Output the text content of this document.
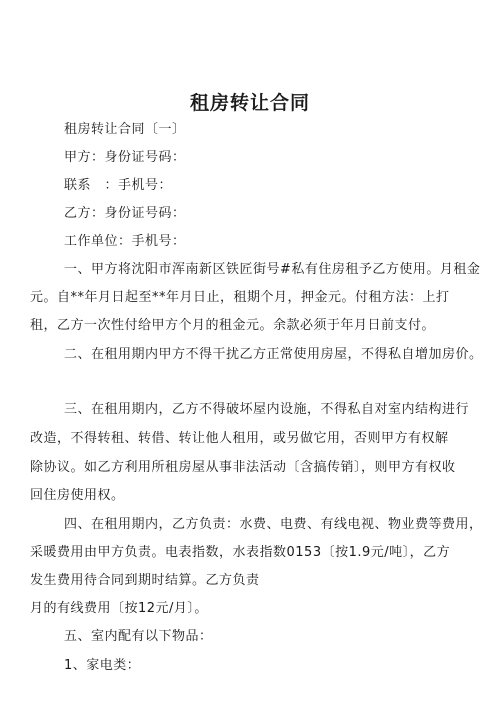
租房转让合同
租房转让合同〔一〕
甲方：身份证号码：
联系　：手机号：
乙方：身份证号码：
工作单位：手机号：
一、甲方将沈阳市浑南新区铁匠街号#私有住房租予乙方使用。月租金
元。自**年月日起至**年月日止，租期个月，押金元。付租方法：上打
租，乙方一次性付给甲方个月的租金元。余款必须于年月日前支付。
二、在租用期内甲方不得干扰乙方正常使用房屋，不得私自增加房价。
三、在租用期内，乙方不得破坏屋内设施，不得私自对室内结构进行
改造，不得转租、转借、转让他人租用，或另做它用，否则甲方有权解
除协议。如乙方利用所租房屋从事非法活动〔含搞传销〕，则甲方有权收
回住房使用权。
四、在租用期内，乙方负责：水费、电费、有线电视、物业费等费用，
采暖费用由甲方负责。电表指数，水表指数0153〔按1.9元/吨〕，乙方
发生费用待合同到期时结算。乙方负责
月的有线费用〔按12元/月〕。
五、室内配有以下物品：
1、家电类：
